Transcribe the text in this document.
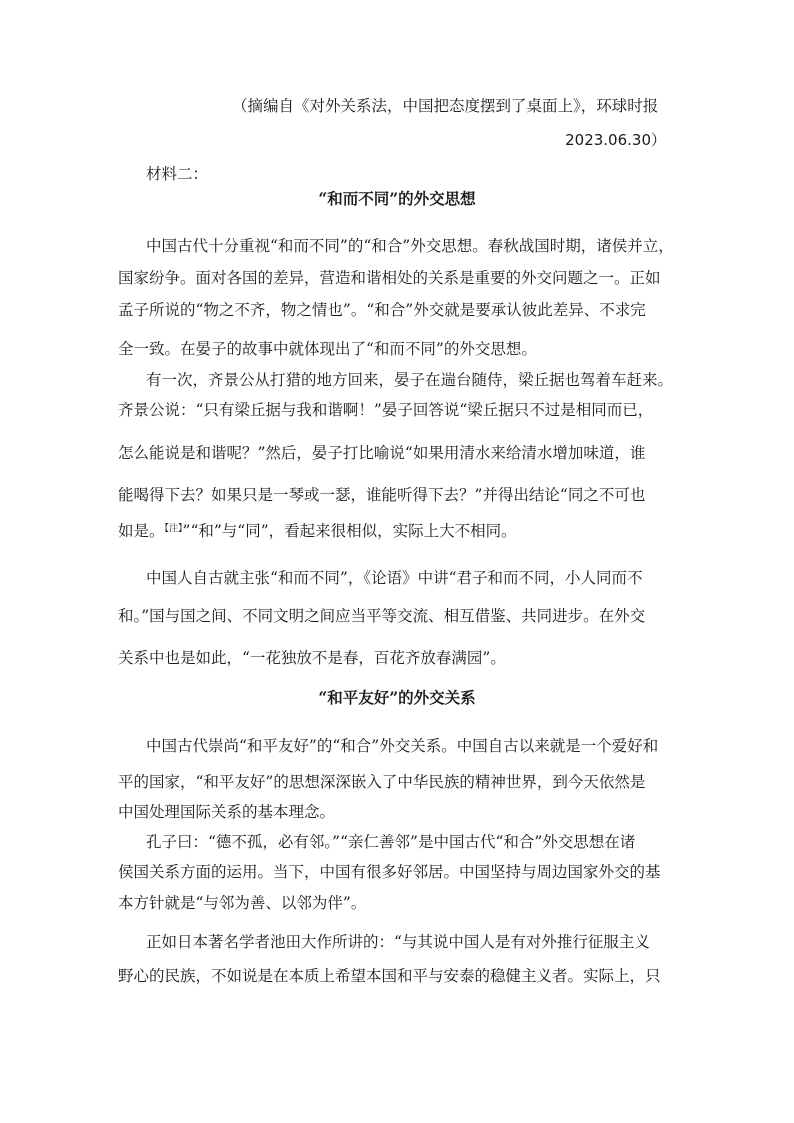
（摘编自《对外关系法，中国把态度摆到了桌面上》，环球时报
2023.06.30）
材料二：
“和而不同”的外交思想
中国古代十分重视“和而不同”的“和合”外交思想。春秋战国时期，诸侯并立，
国家纷争。面对各国的差异，营造和谐相处的关系是重要的外交问题之一。正如
孟子所说的“物之不齐，物之情也”。“和合”外交就是要承认彼此差异、不求完
全一致。在晏子的故事中就体现出了“和而不同”的外交思想。
有一次，齐景公从打猎的地方回来，晏子在遄台随侍，梁丘据也驾着车赶来。
齐景公说：“只有梁丘据与我和谐啊！”晏子回答说“梁丘据只不过是相同而已，
怎么能说是和谐呢？”然后，晏子打比喻说“如果用清水来给清水增加味道，谁
能喝得下去？如果只是一琴或一瑟，谁能听得下去？”并得出结论“同之不可也
如是。$^{【注】}$”“和”与“同”，看起来很相似，实际上大不相同。
中国人自古就主张“和而不同”，《论语》中讲“君子和而不同，小人同而不
和。”国与国之间、不同文明之间应当平等交流、相互借鉴、共同进步。在外交
关系中也是如此，“一花独放不是春，百花齐放春满园”。
“和平友好”的外交关系
中国古代崇尚“和平友好”的“和合”外交关系。中国自古以来就是一个爱好和
平的国家，“和平友好”的思想深深嵌入了中华民族的精神世界，到今天依然是
中国处理国际关系的基本理念。
孔子曰：“德不孤，必有邻。”“亲仁善邻”是中国古代“和合”外交思想在诸
侯国关系方面的运用。当下，中国有很多好邻居。中国坚持与周边国家外交的基
本方针就是“与邻为善、以邻为伴”。
正如日本著名学者池田大作所讲的：“与其说中国人是有对外推行征服主义
野心的民族，不如说是在本质上希望本国和平与安泰的稳健主义者。实际上，只
